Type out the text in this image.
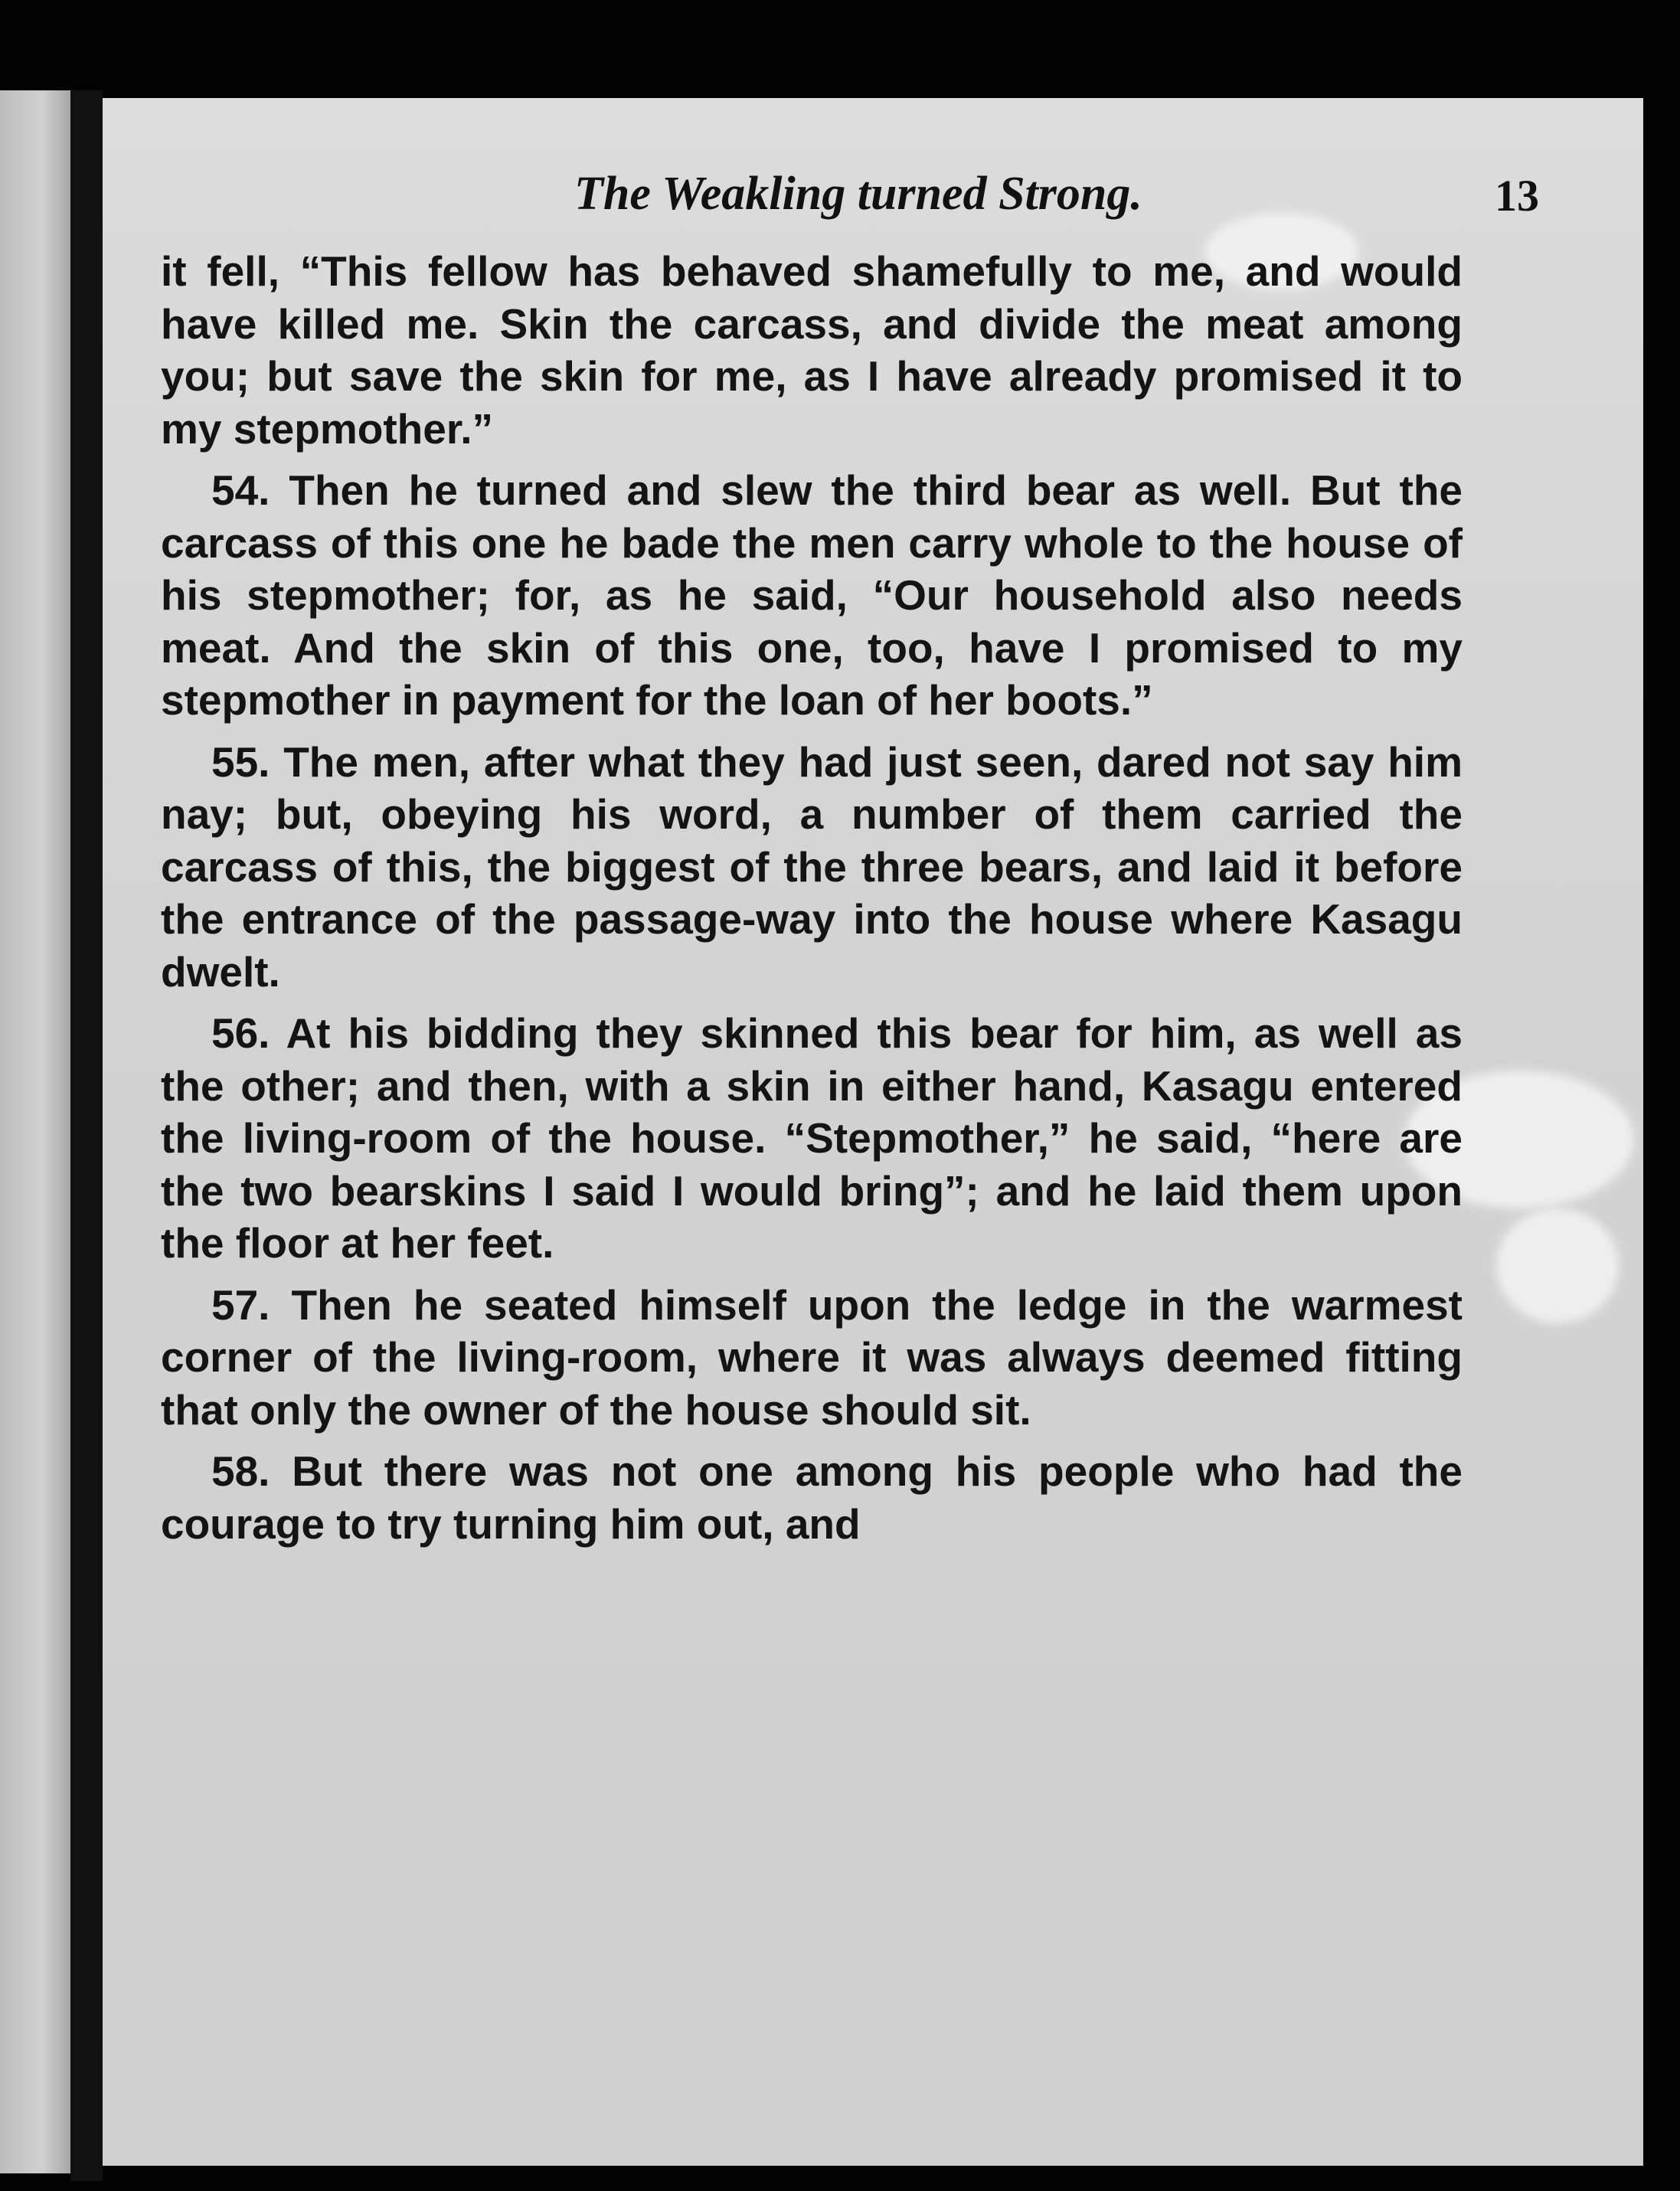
The Weakling turned Strong.	13

it fell, “This fellow has behaved shamefully to me, and would have killed me. Skin the carcass, and divide the meat among you; but save the skin for me, as I have already promised it to my stepmother.”

54. Then he turned and slew the third bear as well. But the carcass of this one he bade the men carry whole to the house of his stepmother; for, as he said, “Our household also needs meat. And the skin of this one, too, have I promised to my stepmother in payment for the loan of her boots.”

55. The men, after what they had just seen, dared not say him nay; but, obeying his word, a number of them carried the carcass of this, the biggest of the three bears, and laid it before the entrance of the passage-way into the house where Kasagu dwelt.

56. At his bidding they skinned this bear for him, as well as the other; and then, with a skin in either hand, Kasagu entered the living-room of the house. “Stepmother,” he said, “here are the two bearskins I said I would bring”; and he laid them upon the floor at her feet.

57. Then he seated himself upon the ledge in the warmest corner of the living-room, where it was always deemed fitting that only the owner of the house should sit.

58. But there was not one among his people who had the courage to try turning him out, and
